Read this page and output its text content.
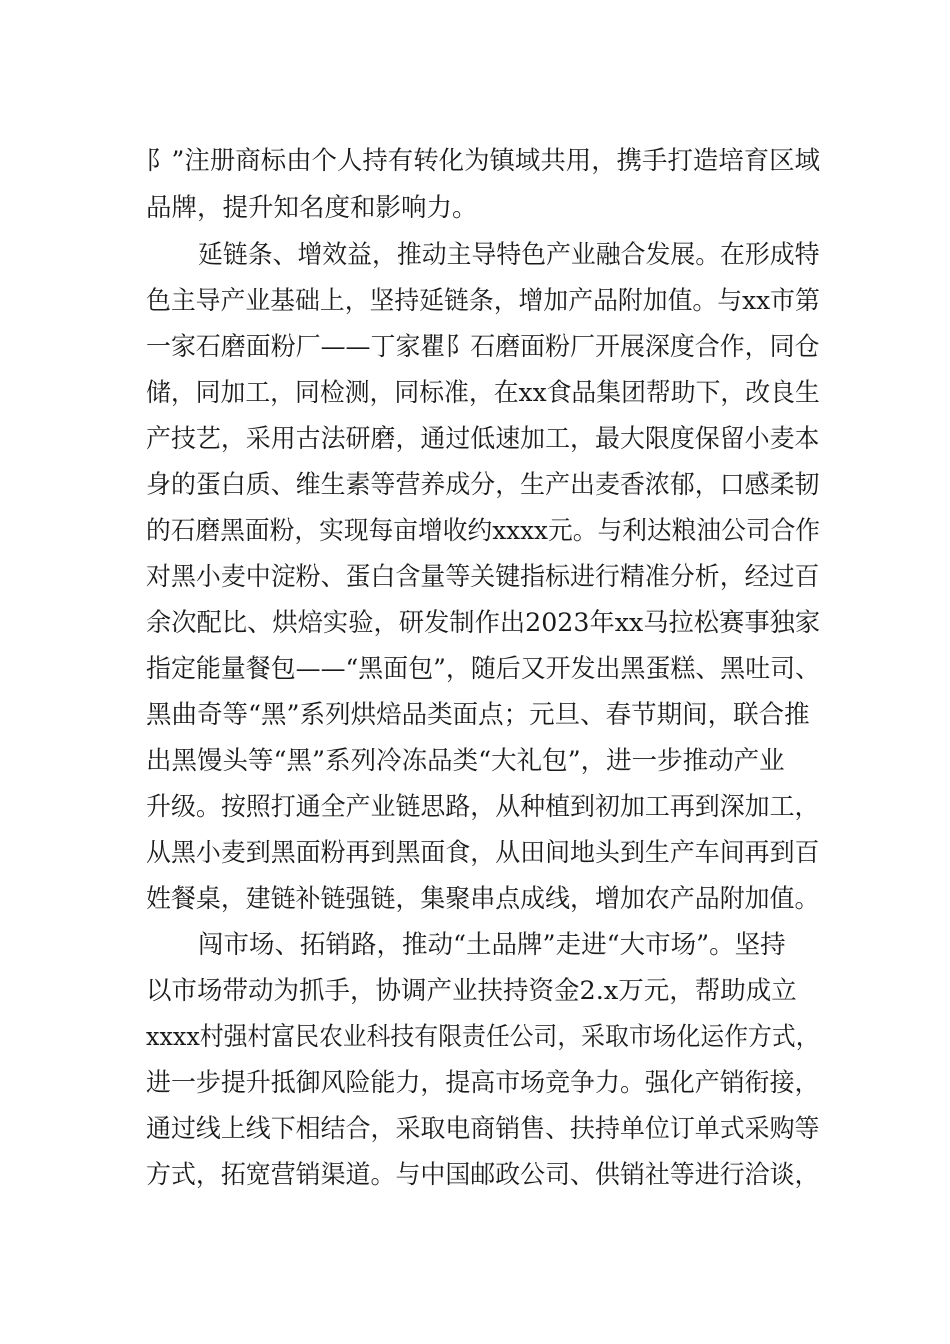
阝”注册商标由个人持有转化为镇域共用，携手打造培育区域
品牌，提升知名度和影响力。
延链条、增效益，推动主导特色产业融合发展。在形成特
色主导产业基础上，坚持延链条，增加产品附加值。与xx市第
一家石磨面粉厂——丁家瞿阝石磨面粉厂开展深度合作，同仓
储，同加工，同检测，同标准，在xx食品集团帮助下，改良生
产技艺，采用古法研磨，通过低速加工，最大限度保留小麦本
身的蛋白质、维生素等营养成分，生产出麦香浓郁，口感柔韧
的石磨黑面粉，实现每亩增收约xxxx元。与利达粮油公司合作
对黑小麦中淀粉、蛋白含量等关键指标进行精准分析，经过百
余次配比、烘焙实验，研发制作出2023年xx马拉松赛事独家
指定能量餐包——“黑面包”，随后又开发出黑蛋糕、黑吐司、
黑曲奇等“黑”系列烘焙品类面点；元旦、春节期间，联合推
出黑馒头等“黑”系列冷冻品类“大礼包”，进一步推动产业
升级。按照打通全产业链思路，从种植到初加工再到深加工，
从黑小麦到黑面粉再到黑面食，从田间地头到生产车间再到百
姓餐桌，建链补链强链，集聚串点成线，增加农产品附加值。
闯市场、拓销路，推动“土品牌”走进“大市场”。坚持
以市场带动为抓手，协调产业扶持资金2.x万元，帮助成立
xxxx村强村富民农业科技有限责任公司，采取市场化运作方式，
进一步提升抵御风险能力，提高市场竞争力。强化产销衔接，
通过线上线下相结合，采取电商销售、扶持单位订单式采购等
方式，拓宽营销渠道。与中国邮政公司、供销社等进行洽谈，
